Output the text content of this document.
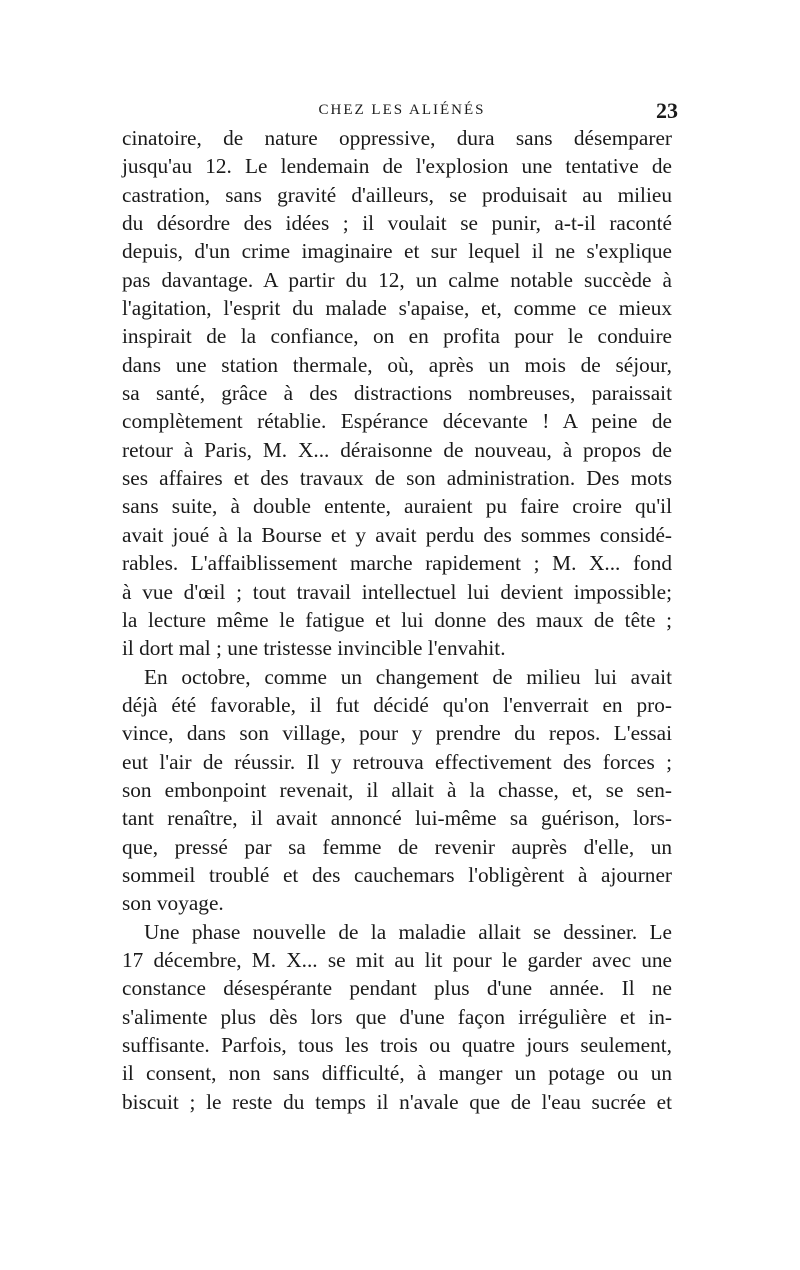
CHEZ LES ALIÉNÉS	23
cinatoire, de nature oppressive, dura sans désemparer
jusqu'au 12. Le lendemain de l'explosion une tentative de
castration, sans gravité d'ailleurs, se produisait au milieu
du désordre des idées ; il voulait se punir, a-t-il raconté
depuis, d'un crime imaginaire et sur lequel il ne s'explique
pas davantage. A partir du 12, un calme notable succède à
l'agitation, l'esprit du malade s'apaise, et, comme ce mieux
inspirait de la confiance, on en profita pour le conduire
dans une station thermale, où, après un mois de séjour,
sa santé, grâce à des distractions nombreuses, paraissait
complètement rétablie. Espérance décevante ! A peine de
retour à Paris, M. X... déraisonne de nouveau, à propos de
ses affaires et des travaux de son administration. Des mots
sans suite, à double entente, auraient pu faire croire qu'il
avait joué à la Bourse et y avait perdu des sommes considé-
rables. L'affaiblissement marche rapidement ; M. X... fond
à vue d'œil ; tout travail intellectuel lui devient impossible;
la lecture même le fatigue et lui donne des maux de tête ;
il dort mal ; une tristesse invincible l'envahit.
En octobre, comme un changement de milieu lui avait
déjà été favorable, il fut décidé qu'on l'enverrait en pro-
vince, dans son village, pour y prendre du repos. L'essai
eut l'air de réussir. Il y retrouva effectivement des forces ;
son embonpoint revenait, il allait à la chasse, et, se sen-
tant renaître, il avait annoncé lui-même sa guérison, lors-
que, pressé par sa femme de revenir auprès d'elle, un
sommeil troublé et des cauchemars l'obligèrent à ajourner
son voyage.
Une phase nouvelle de la maladie allait se dessiner. Le
17 décembre, M. X... se mit au lit pour le garder avec une
constance désespérante pendant plus d'une année. Il ne
s'alimente plus dès lors que d'une façon irrégulière et in-
suffisante. Parfois, tous les trois ou quatre jours seulement,
il consent, non sans difficulté, à manger un potage ou un
biscuit ; le reste du temps il n'avale que de l'eau sucrée et
